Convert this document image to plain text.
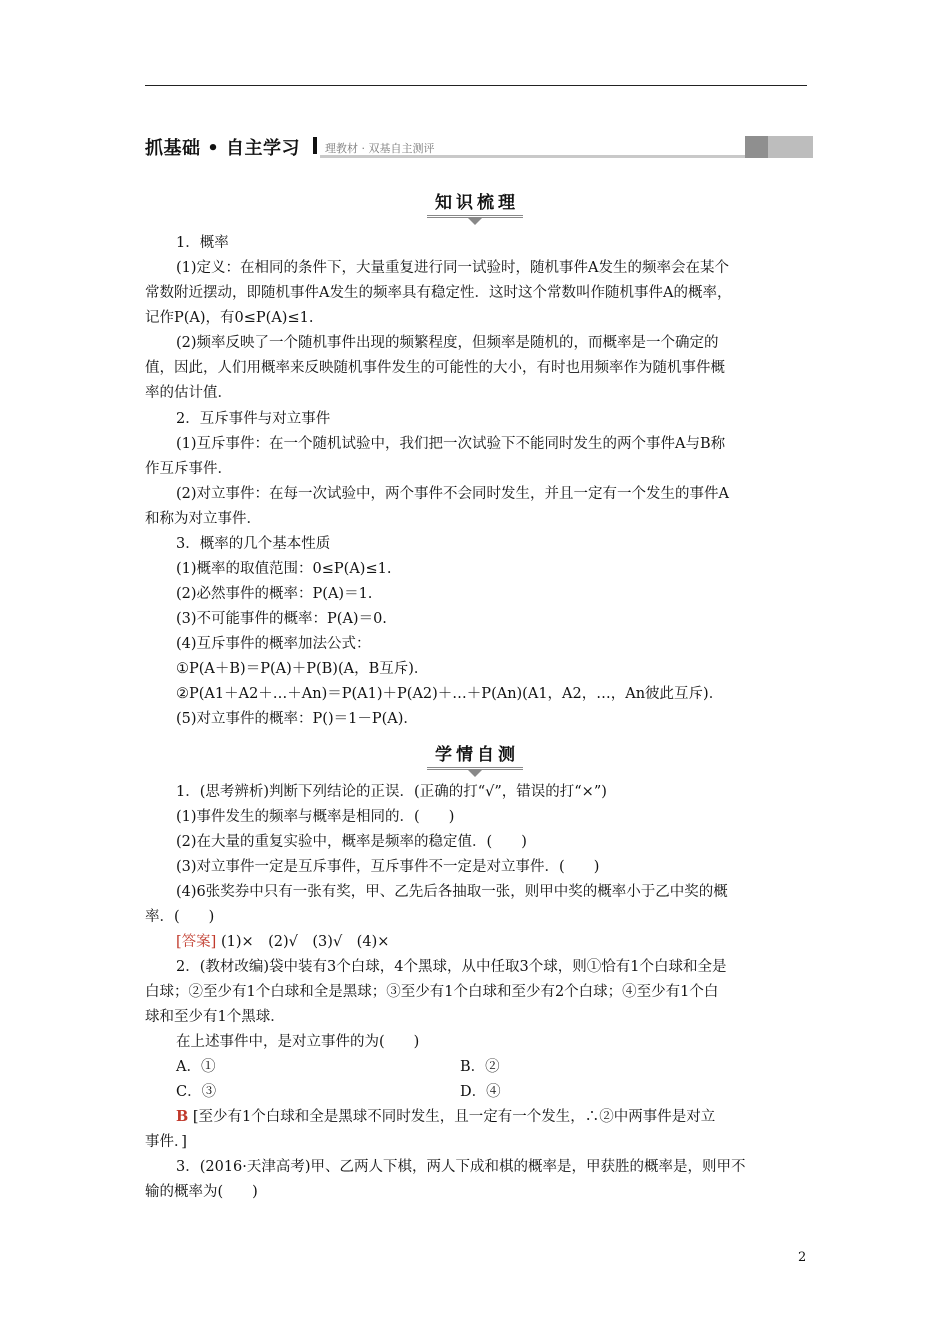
抓基础 • 自主学习 理教材 · 双基自主测评
知识梳理
1．概率
(1)定义：在相同的条件下，大量重复进行同一试验时，随机事件A发生的频率会在某个
常数附近摆动，即随机事件A发生的频率具有稳定性．这时这个常数叫作随机事件A的概率，
记作P(A)，有0≤P(A)≤1.
(2)频率反映了一个随机事件出现的频繁程度，但频率是随机的，而概率是一个确定的
值，因此，人们用概率来反映随机事件发生的可能性的大小，有时也用频率作为随机事件概
率的估计值．
2．互斥事件与对立事件
(1)互斥事件：在一个随机试验中，我们把一次试验下不能同时发生的两个事件A与B称
作互斥事件．
(2)对立事件：在每一次试验中，两个事件不会同时发生，并且一定有一个发生的事件A
和称为对立事件．
3．概率的几个基本性质
(1)概率的取值范围：0≤P(A)≤1.
(2)必然事件的概率：P(A)＝1.
(3)不可能事件的概率：P(A)＝0.
(4)互斥事件的概率加法公式：
①P(A＋B)＝P(A)＋P(B)(A，B互斥)．
②P(A1＋A2＋…＋An)＝P(A1)＋P(A2)＋…＋P(An)(A1，A2，…，An彼此互斥)．
(5)对立事件的概率：P()＝1－P(A)．
学情自测
1．(思考辨析)判断下列结论的正误．(正确的打“√”，错误的打“×”)
(1)事件发生的频率与概率是相同的．(　　)
(2)在大量的重复实验中，概率是频率的稳定值．(　　)
(3)对立事件一定是互斥事件，互斥事件不一定是对立事件．(　　)
(4)6张奖券中只有一张有奖，甲、乙先后各抽取一张，则甲中奖的概率小于乙中奖的概
率．(　　)
[答案] (1)×　(2)√　(3)√　(4)×
2．(教材改编)袋中装有3个白球，4个黑球，从中任取3个球，则①恰有1个白球和全是
白球；②至少有1个白球和全是黑球；③至少有1个白球和至少有2个白球；④至少有1个白
球和至少有1个黑球．
在上述事件中，是对立事件的为(　　)
A．①	B．②
C．③	D．④
B [至少有1个白球和全是黑球不同时发生，且一定有一个发生，∴②中两事件是对立
事件．]
3．(2016·天津高考)甲、乙两人下棋，两人下成和棋的概率是，甲获胜的概率是，则甲不
输的概率为(　　)
2
